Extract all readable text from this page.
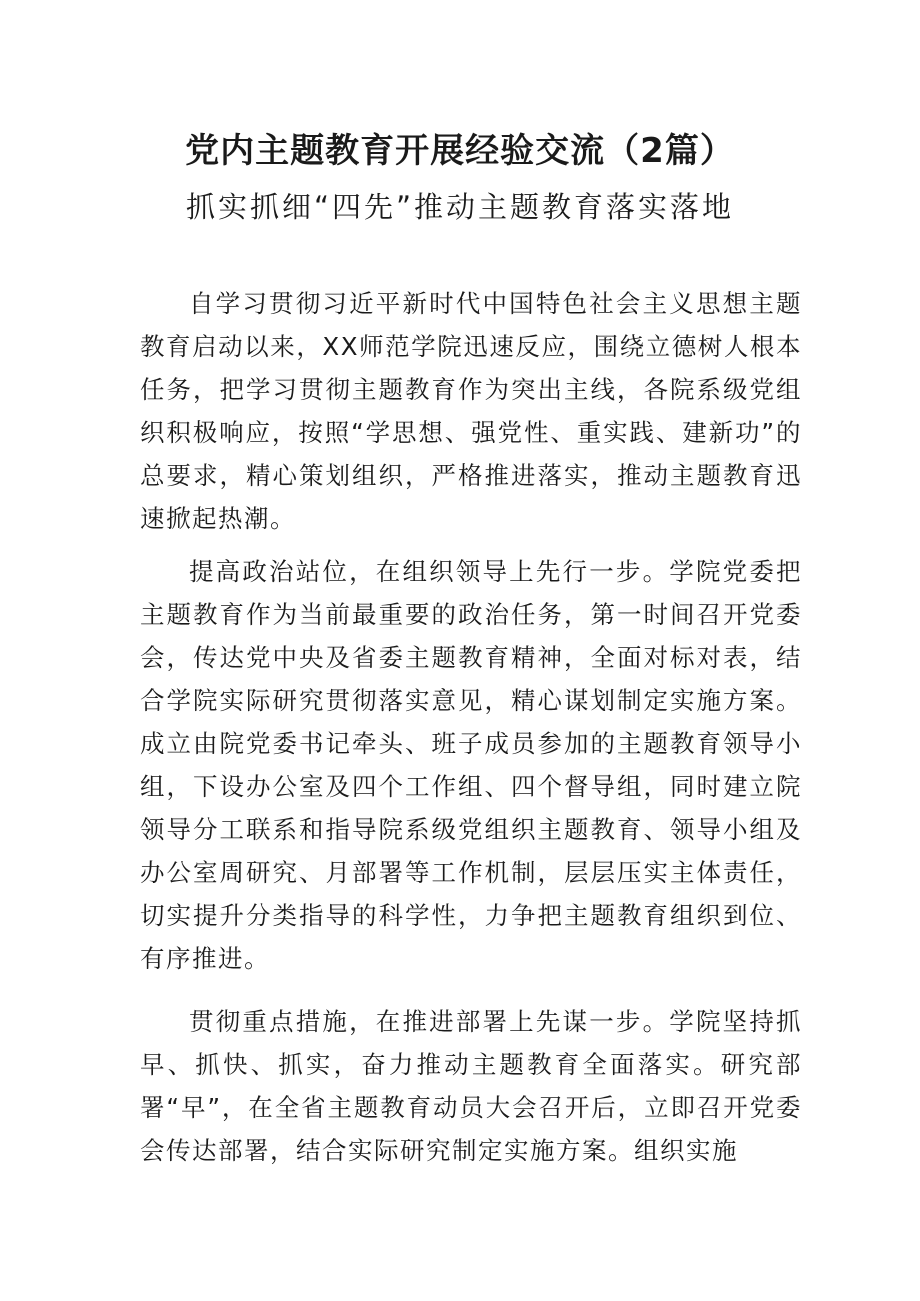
党内主题教育开展经验交流（2篇）
抓实抓细“四先”推动主题教育落实落地

自学习贯彻习近平新时代中国特色社会主义思想主题教育启动以来，XX师范学院迅速反应，围绕立德树人根本任务，把学习贯彻主题教育作为突出主线，各院系级党组织积极响应，按照“学思想、强党性、重实践、建新功”的总要求，精心策划组织，严格推进落实，推动主题教育迅速掀起热潮。

提高政治站位，在组织领导上先行一步。学院党委把主题教育作为当前最重要的政治任务，第一时间召开党委会，传达党中央及省委主题教育精神，全面对标对表，结合学院实际研究贯彻落实意见，精心谋划制定实施方案。成立由院党委书记牵头、班子成员参加的主题教育领导小组，下设办公室及四个工作组、四个督导组，同时建立院领导分工联系和指导院系级党组织主题教育、领导小组及办公室周研究、月部署等工作机制，层层压实主体责任，切实提升分类指导的科学性，力争把主题教育组织到位、有序推进。

贯彻重点措施，在推进部署上先谋一步。学院坚持抓早、抓快、抓实，奋力推动主题教育全面落实。研究部署“早”，在全省主题教育动员大会召开后，立即召开党委会传达部署，结合实际研究制定实施方案。组织实施
